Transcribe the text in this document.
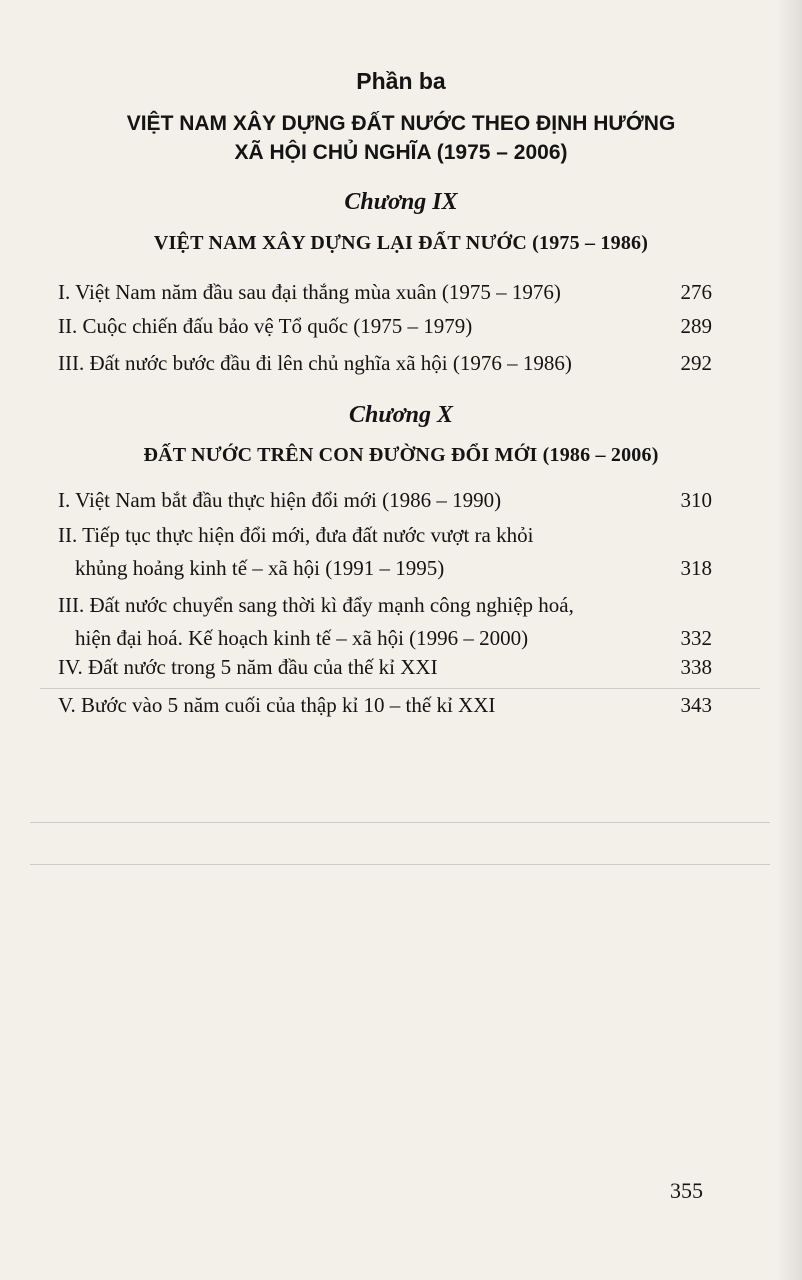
Phần ba
VIỆT NAM XÂY DỰNG ĐẤT NƯỚC THEO ĐỊNH HƯỚNG
XÃ HỘI CHỦ NGHĨA (1975 – 2006)
Chương IX
VIỆT NAM XÂY DỰNG LẠI ĐẤT NƯỚC (1975 – 1986)
I. Việt Nam năm đầu sau đại thắng mùa xuân (1975 – 1976)	276
II. Cuộc chiến đấu bảo vệ Tổ quốc (1975 – 1979)	289
III. Đất nước bước đầu đi lên chủ nghĩa xã hội (1976 – 1986)	292
Chương X
ĐẤT NƯỚC TRÊN CON ĐƯỜNG ĐỔI MỚI (1986 – 2006)
I. Việt Nam bắt đầu thực hiện đổi mới (1986 – 1990)	310
II. Tiếp tục thực hiện đổi mới, đưa đất nước vượt ra khỏi
khủng hoảng kinh tế – xã hội (1991 – 1995)	318
III. Đất nước chuyển sang thời kì đẩy mạnh công nghiệp hoá,
hiện đại hoá. Kế hoạch kinh tế – xã hội (1996 – 2000)	332
IV. Đất nước trong 5 năm đầu của thế kỉ XXI	338
V. Bước vào 5 năm cuối của thập kỉ 10 – thế kỉ XXI	343
355
